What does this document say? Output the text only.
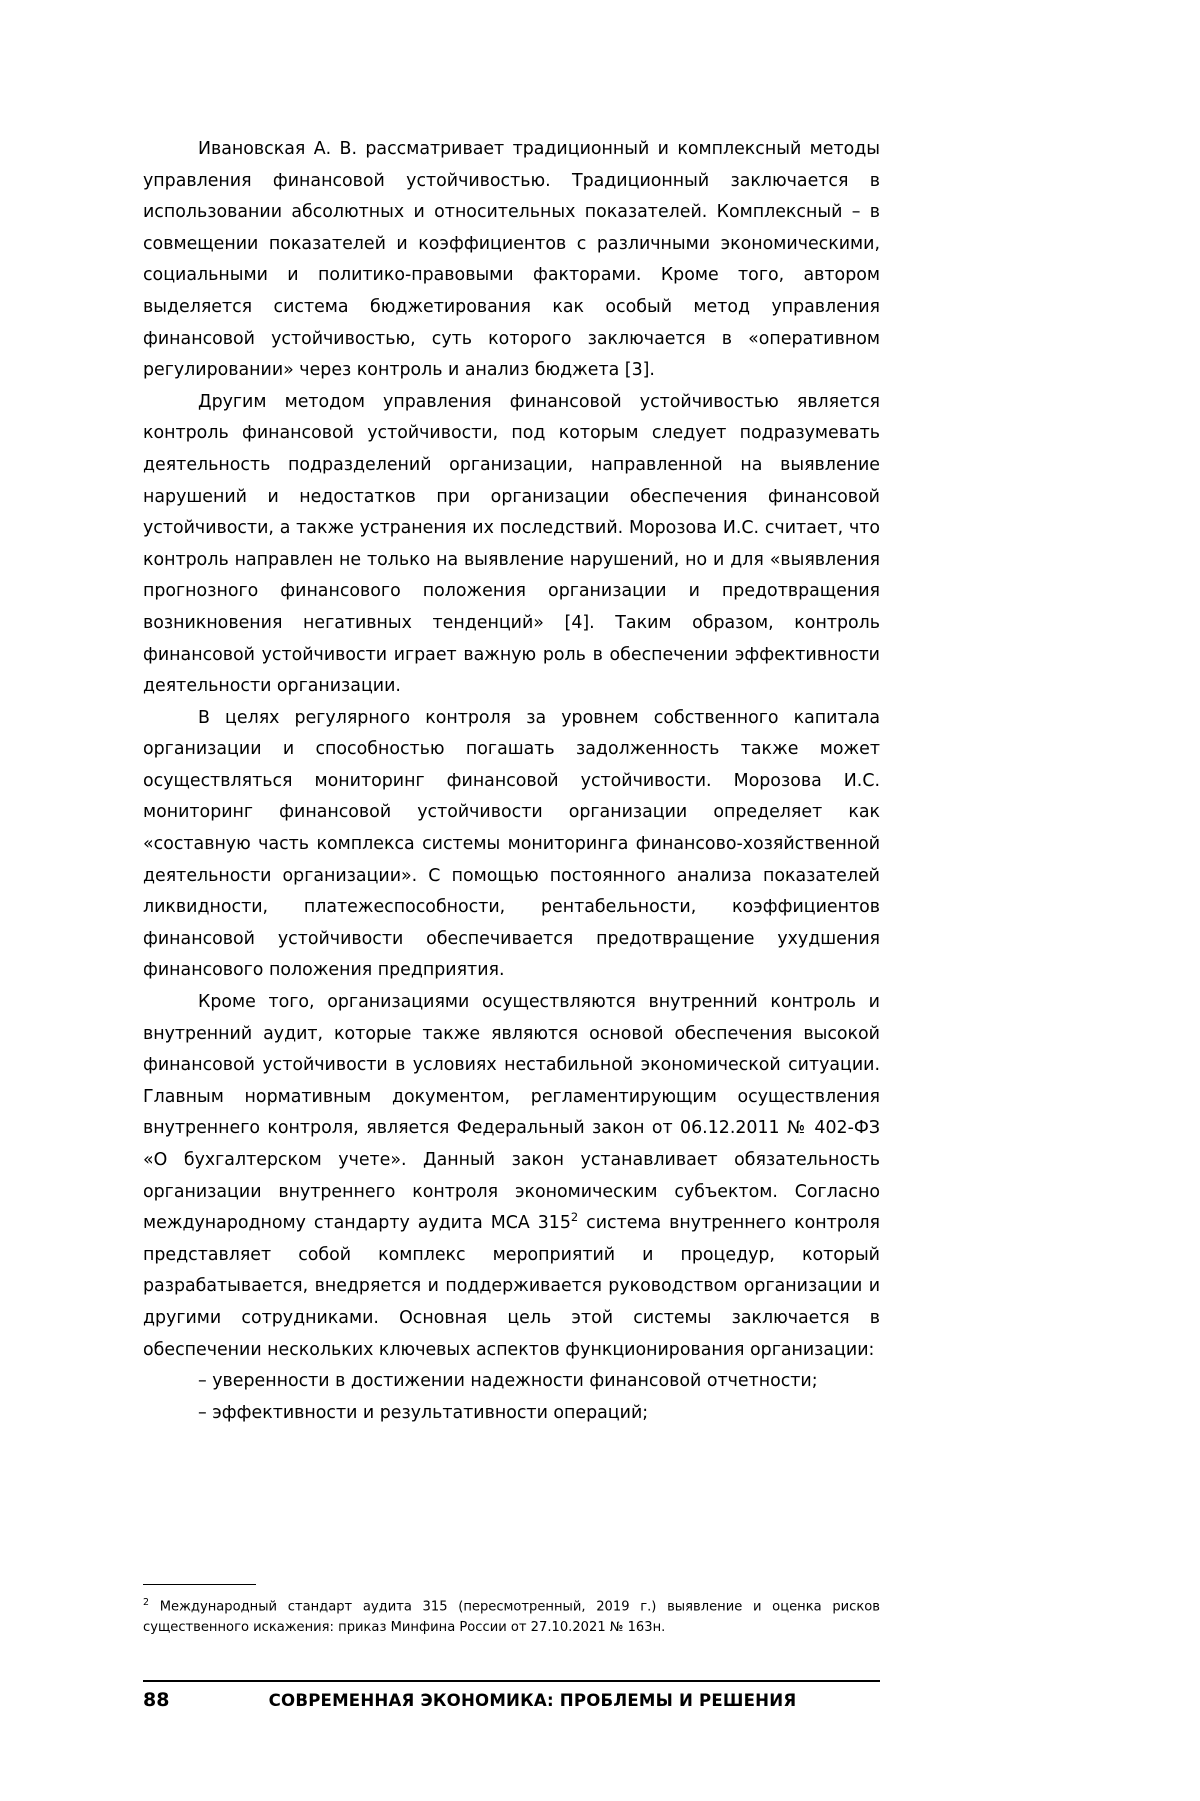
Ивановская А. В. рассматривает традиционный и комплексный методы управления финансовой устойчивостью. Традиционный заключается в использовании абсолютных и относительных показателей. Комплексный – в совмещении показателей и коэффициентов с различными экономическими, социальными и политико-правовыми факторами. Кроме того, автором выделяется система бюджетирования как особый метод управления финансовой устойчивостью, суть которого заключается в «оперативном регулировании» через контроль и анализ бюджета [3].

Другим методом управления финансовой устойчивостью является контроль финансовой устойчивости, под которым следует подразумевать деятельность подразделений организации, направленной на выявление нарушений и недостатков при организации обеспечения финансовой устойчивости, а также устранения их последствий. Морозова И.С. считает, что контроль направлен не только на выявление нарушений, но и для «выявления прогнозного финансового положения организации и предотвращения возникновения негативных тенденций» [4]. Таким образом, контроль финансовой устойчивости играет важную роль в обеспечении эффективности деятельности организации.

В целях регулярного контроля за уровнем собственного капитала организации и способностью погашать задолженность также может осуществляться мониторинг финансовой устойчивости. Морозова И.С. мониторинг финансовой устойчивости организации определяет как «составную часть комплекса системы мониторинга финансово-хозяйственной деятельности организации». С помощью постоянного анализа показателей ликвидности, платежеспособности, рентабельности, коэффициентов финансовой устойчивости обеспечивается предотвращение ухудшения финансового положения предприятия.

Кроме того, организациями осуществляются внутренний контроль и внутренний аудит, которые также являются основой обеспечения высокой финансовой устойчивости в условиях нестабильной экономической ситуации. Главным нормативным документом, регламентирующим осуществления внутреннего контроля, является Федеральный закон от 06.12.2011 № 402-ФЗ «О бухгалтерском учете». Данный закон устанавливает обязательность организации внутреннего контроля экономическим субъектом. Согласно международному стандарту аудита МСА 315$^2$ система внутреннего контроля представляет собой комплекс мероприятий и процедур, который разрабатывается, внедряется и поддерживается руководством организации и другими сотрудниками. Основная цель этой системы заключается в обеспечении нескольких ключевых аспектов функционирования организации:

– уверенности в достижении надежности финансовой отчетности;

– эффективности и результативности операций;

$^2$ Международный стандарт аудита 315 (пересмотренный, 2019 г.) выявление и оценка рисков существенного искажения: приказ Минфина России от 27.10.2021 № 163н.

88	СОВРЕМЕННАЯ ЭКОНОМИКА: ПРОБЛЕМЫ И РЕШЕНИЯ
